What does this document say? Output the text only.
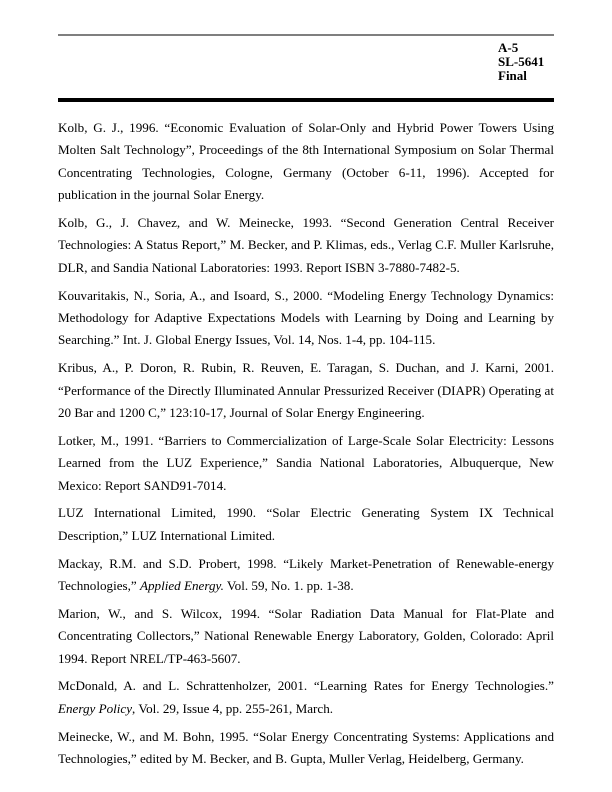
A-5
SL-5641
Final

Kolb, G. J., 1996. “Economic Evaluation of Solar-Only and Hybrid Power Towers Using Molten Salt Technology”, Proceedings of the 8th International Symposium on Solar Thermal Concentrating Technologies, Cologne, Germany (October 6-11, 1996). Accepted for publication in the journal Solar Energy.

Kolb, G., J. Chavez, and W. Meinecke, 1993. “Second Generation Central Receiver Technologies: A Status Report,” M. Becker, and P. Klimas, eds., Verlag C.F. Muller Karlsruhe, DLR, and Sandia National Laboratories: 1993. Report ISBN 3-7880-7482-5.

Kouvaritakis, N., Soria, A., and Isoard, S., 2000. “Modeling Energy Technology Dynamics: Methodology for Adaptive Expectations Models with Learning by Doing and Learning by Searching.” Int. J. Global Energy Issues, Vol. 14, Nos. 1-4, pp. 104-115.

Kribus, A., P. Doron, R. Rubin, R. Reuven, E. Taragan, S. Duchan, and J. Karni, 2001. “Performance of the Directly Illuminated Annular Pressurized Receiver (DIAPR) Operating at 20 Bar and 1200 C,” 123:10-17, Journal of Solar Energy Engineering.

Lotker, M., 1991. “Barriers to Commercialization of Large-Scale Solar Electricity: Lessons Learned from the LUZ Experience,” Sandia National Laboratories, Albuquerque, New Mexico: Report SAND91-7014.

LUZ International Limited, 1990. “Solar Electric Generating System IX Technical Description,” LUZ International Limited.

Mackay, R.M. and S.D. Probert, 1998. “Likely Market-Penetration of Renewable-energy Technologies,” Applied Energy. Vol. 59, No. 1. pp. 1-38.

Marion, W., and S. Wilcox, 1994. “Solar Radiation Data Manual for Flat-Plate and Concentrating Collectors,” National Renewable Energy Laboratory, Golden, Colorado: April 1994. Report NREL/TP-463-5607.

McDonald, A. and L. Schrattenholzer, 2001. “Learning Rates for Energy Technologies.” Energy Policy, Vol. 29, Issue 4, pp. 255-261, March.

Meinecke, W., and M. Bohn, 1995. “Solar Energy Concentrating Systems: Applications and Technologies,” edited by M. Becker, and B. Gupta, Muller Verlag, Heidelberg, Germany.
